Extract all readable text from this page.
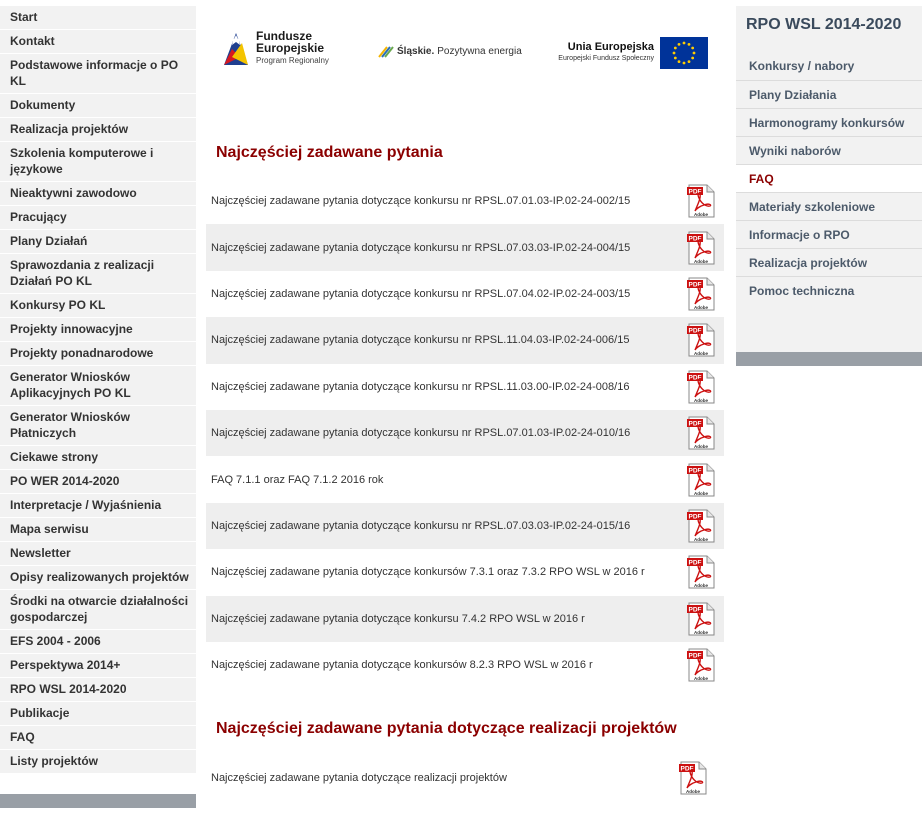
Start
Kontakt
Podstawowe informacje o PO KL
Dokumenty
Realizacja projektów
Szkolenia komputerowe i językowe
Nieaktywni zawodowo
Pracujący
Plany Działań
Sprawozdania z realizacji Działań PO KL
Konkursy PO KL
Projekty innowacyjne
Projekty ponadnarodowe
Generator Wniosków Aplikacyjnych PO KL
Generator Wniosków Płatniczych
Ciekawe strony
PO WER 2014-2020
Interpretacje / Wyjaśnienia
Mapa serwisu
Newsletter
Opisy realizowanych projektów
Środki na otwarcie działalności gospodarczej
EFS 2004 - 2006
Perspektywa 2014+
RPO WSL 2014-2020
Publikacje
FAQ
Listy projektów
Fundusze
Europejskie
Program Regionalny
Śląskie. Pozytywna energia	Unia Europejska
Europejski Fundusz Społeczny
Najczęściej zadawane pytania
Najczęściej zadawane pytania dotyczące konkursu nr RPSL.07.01.03-IP.02-24-002/15
PDF
Adobe
Najczęściej zadawane pytania dotyczące konkursu nr RPSL.07.03.03-IP.02-24-004/15
PDF
Adobe
Najczęściej zadawane pytania dotyczące konkursu nr RPSL.07.04.02-IP.02-24-003/15
PDF
Adobe
Najczęściej zadawane pytania dotyczące konkursu nr RPSL.11.04.03-IP.02-24-006/15
PDF
Adobe
Najczęściej zadawane pytania dotyczące konkursu nr RPSL.11.03.00-IP.02-24-008/16
PDF
Adobe
Najczęściej zadawane pytania dotyczące konkursu nr RPSL.07.01.03-IP.02-24-010/16
PDF
Adobe
FAQ 7.1.1 oraz FAQ 7.1.2 2016 rok
PDF
Adobe
Najczęściej zadawane pytania dotyczące konkursu nr RPSL.07.03.03-IP.02-24-015/16
PDF
Adobe
Najczęściej zadawane pytania dotyczące konkursów 7.3.1 oraz 7.3.2 RPO WSL w 2016 r
PDF
Adobe
Najczęściej zadawane pytania dotyczące konkursu 7.4.2 RPO WSL w 2016 r
PDF
Adobe
Najczęściej zadawane pytania dotyczące konkursów 8.2.3 RPO WSL w 2016 r
PDF
Adobe
Najczęściej zadawane pytania dotyczące realizacji projektów
Najczęściej zadawane pytania dotyczące realizacji projektów
PDF
Adobe
RPO WSL 2014-2020
Konkursy / nabory
Plany Działania
Harmonogramy konkursów
Wyniki naborów
FAQ
Materiały szkoleniowe
Informacje o RPO
Realizacja projektów
Pomoc techniczna
